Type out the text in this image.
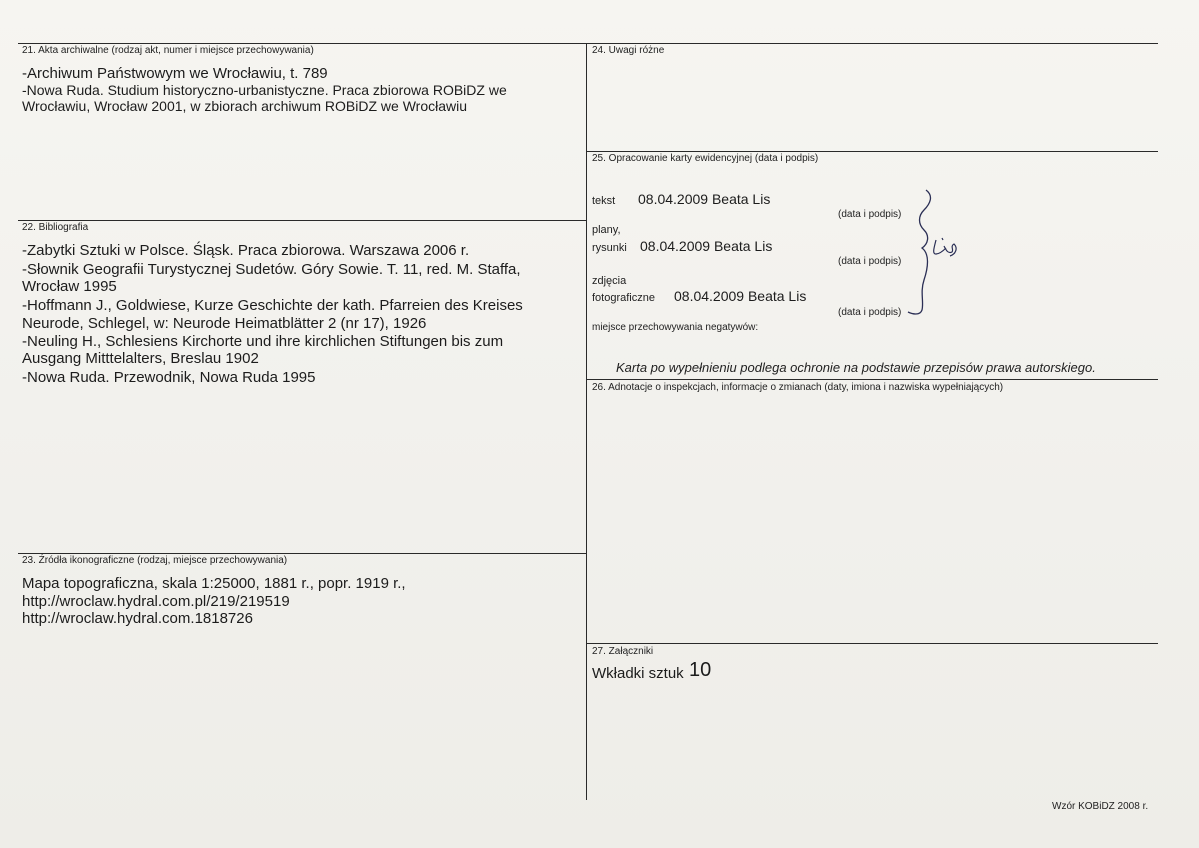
21. Akta archiwalne (rodzaj akt, numer i miejsce przechowywania)
-Archiwum Państwowym we Wrocławiu, t. 789
-Nowa Ruda. Studium historyczno-urbanistyczne. Praca zbiorowa ROBiDZ we
Wrocławiu, Wrocław 2001, w zbiorach archiwum ROBiDZ we Wrocławiu
22. Bibliografia
-Zabytki Sztuki w Polsce. Śląsk. Praca zbiorowa. Warszawa 2006 r.
-Słownik Geografii Turystycznej Sudetów. Góry Sowie. T. 11, red. M. Staffa,
Wrocław 1995
-Hoffmann J., Goldwiese, Kurze Geschichte der kath. Pfarreien des Kreises
Neurode, Schlegel, w: Neurode Heimatblätter 2 (nr 17), 1926
-Neuling H., Schlesiens Kirchorte und ihre kirchlichen Stiftungen bis zum
Ausgang Mitttelalters, Breslau 1902
-Nowa Ruda. Przewodnik, Nowa Ruda 1995
23. Źródła ikonograficzne (rodzaj, miejsce przechowywania)
Mapa topograficzna, skala 1:25000, 1881 r., popr. 1919 r.,
http://wroclaw.hydral.com.pl/219/219519
http://wroclaw.hydral.com.1818726
24. Uwagi różne
25. Opracowanie karty ewidencyjnej (data i podpis)
tekst 08.04.2009 Beata Lis
(data i podpis)
plany,
rysunki 08.04.2009 Beata Lis
(data i podpis)
zdjęcia
fotograficzne 08.04.2009 Beata Lis
(data i podpis)
miejsce przechowywania negatywów:
Karta po wypełnieniu podlega ochronie na podstawie przepisów prawa autorskiego.
26. Adnotacje o inspekcjach, informacje o zmianach (daty, imiona i nazwiska wypełniających)
27. Załączniki
Wkładki sztuk 10
Wzór KOBiDZ 2008 r.
